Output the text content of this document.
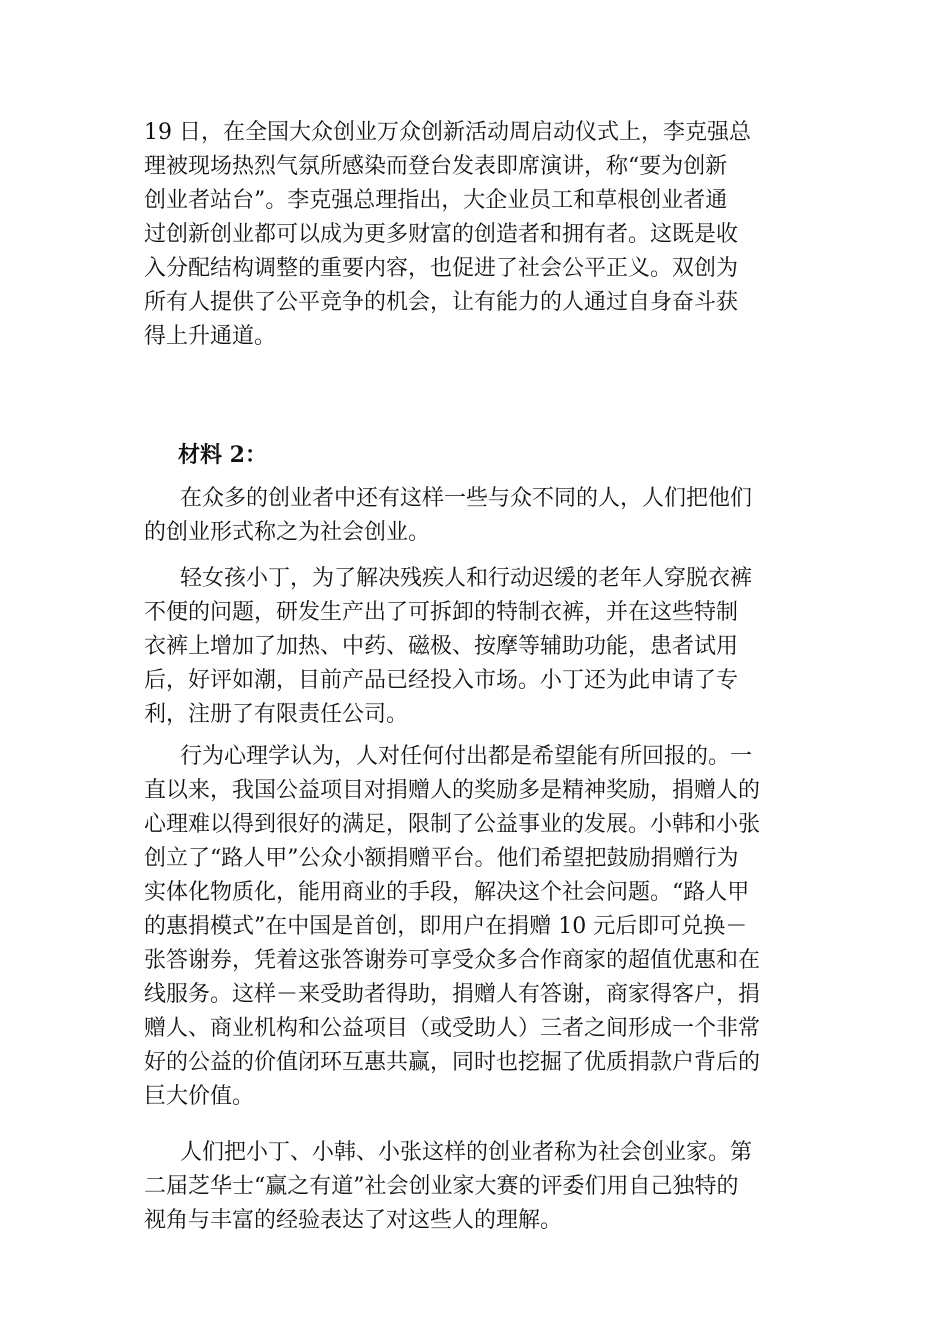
19 日，在全国大众创业万众创新活动周启动仪式上，李克强总
理被现场热烈气氛所感染而登台发表即席演讲，称“要为创新
创业者站台”。李克强总理指出，大企业员工和草根创业者通
过创新创业都可以成为更多财富的创造者和拥有者。这既是收
入分配结构调整的重要内容，也促进了社会公平正义。双创为
所有人提供了公平竞争的机会，让有能力的人通过自身奋斗获
得上升通道。
材料 2：
在众多的创业者中还有这样一些与众不同的人，人们把他们
的创业形式称之为社会创业。
轻女孩小丁，为了解决残疾人和行动迟缓的老年人穿脱衣裤
不便的问题，研发生产出了可拆卸的特制衣裤，并在这些特制
衣裤上增加了加热、中药、磁极、按摩等辅助功能，患者试用
后，好评如潮，目前产品已经投入市场。小丁还为此申请了专
利，注册了有限责任公司。
行为心理学认为，人对任何付出都是希望能有所回报的。一
直以来，我国公益项目对捐赠人的奖励多是精神奖励，捐赠人的
心理难以得到很好的满足，限制了公益事业的发展。小韩和小张
创立了“路人甲”公众小额捐赠平台。他们希望把鼓励捐赠行为
实体化物质化，能用商业的手段，解决这个社会问题。“路人甲
的惠捐模式”在中国是首创，即用户在捐赠 10 元后即可兑换－
张答谢券，凭着这张答谢券可享受众多合作商家的超值优惠和在
线服务。这样－来受助者得助，捐赠人有答谢，商家得客户，捐
赠人、商业机构和公益项目（或受助人）三者之间形成一个非常
好的公益的价值闭环互惠共赢，同时也挖掘了优质捐款户背后的
巨大价值。
人们把小丁、小韩、小张这样的创业者称为社会创业家。第
二届芝华士“赢之有道”社会创业家大赛的评委们用自己独特的
视角与丰富的经验表达了对这些人的理解。
